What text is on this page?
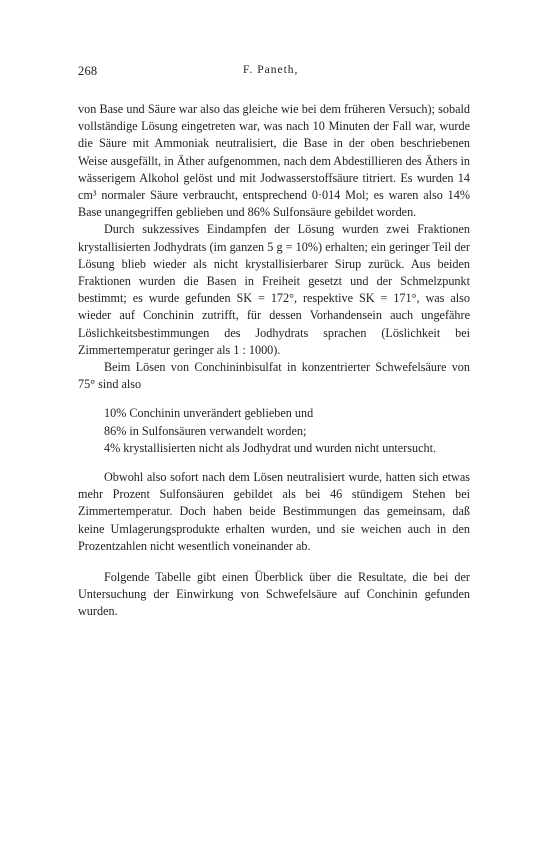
268	F. Paneth,

von Base und Säure war also das gleiche wie bei dem früheren Versuch); sobald vollständige Lösung eingetreten war, was nach 10 Minuten der Fall war, wurde die Säure mit Ammoniak neutralisiert, die Base in der oben beschriebenen Weise ausgefällt, in Äther aufgenommen, nach dem Abdestillieren des Äthers in wässerigem Alkohol gelöst und mit Jodwasserstoffsäure titriert. Es wurden 14 cm³ normaler Säure verbraucht, entsprechend 0·014 Mol; es waren also 14% Base unangegriffen geblieben und 86% Sulfonsäure gebildet worden.

Durch sukzessives Eindampfen der Lösung wurden zwei Fraktionen krystallisierten Jodhydrats (im ganzen 5 g = 10%) erhalten; ein geringer Teil der Lösung blieb wieder als nicht krystallisierbarer Sirup zurück. Aus beiden Fraktionen wurden die Basen in Freiheit gesetzt und der Schmelzpunkt bestimmt; es wurde gefunden SK = 172°, respektive SK = 171°, was also wieder auf Conchinin zutrifft, für dessen Vorhandensein auch ungefähre Löslichkeitsbestimmungen des Jodhydrats sprachen (Löslichkeit bei Zimmertemperatur geringer als 1 : 1000).

Beim Lösen von Conchininbisulfat in konzentrierter Schwefelsäure von 75° sind also

10% Conchinin unverändert geblieben und
86% in Sulfonsäuren verwandelt worden;
4% krystallisierten nicht als Jodhydrat und wurden nicht untersucht.

Obwohl also sofort nach dem Lösen neutralisiert wurde, hatten sich etwas mehr Prozent Sulfonsäuren gebildet als bei 46 stündigem Stehen bei Zimmertemperatur. Doch haben beide Bestimmungen das gemeinsam, daß keine Umlagerungsprodukte erhalten wurden, und sie weichen auch in den Prozentzahlen nicht wesentlich voneinander ab.

Folgende Tabelle gibt einen Überblick über die Resultate, die bei der Untersuchung der Einwirkung von Schwefelsäure auf Conchinin gefunden wurden.
